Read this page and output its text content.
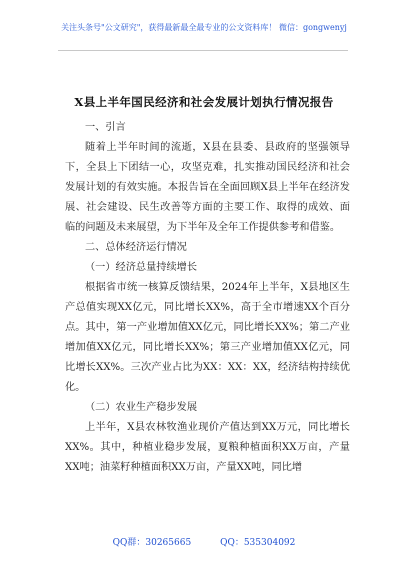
关注头条号"公文研究"，获得最新最全最专业的公文资料库！ 微信：gongwenyj
X县上半年国民经济和社会发展计划执行情况报告

一、引言

随着上半年时间的流逝，X县在县委、县政府的坚强领导下，全县上下团结一心，攻坚克难，扎实推动国民经济和社会发展计划的有效实施。本报告旨在全面回顾X县上半年在经济发展、社会建设、民生改善等方面的主要工作、取得的成效、面临的问题及未来展望，为下半年及全年工作提供参考和借鉴。

二、总体经济运行情况

（一）经济总量持续增长

根据省市统一核算反馈结果，2024年上半年，X县地区生产总值实现XX亿元，同比增长XX%，高于全市增速XX个百分点。其中，第一产业增加值XX亿元，同比增长XX%；第二产业增加值XX亿元，同比增长XX%；第三产业增加值XX亿元，同比增长XX%。三次产业占比为XX：XX：XX，经济结构持续优化。

（二）农业生产稳步发展

上半年，X县农林牧渔业现价产值达到XX万元，同比增长XX%。其中，种植业稳步发展，夏粮种植面积XX万亩，产量XX吨；油菜籽种植面积XX万亩，产量XX吨，同比增

QQ群：30265665	QQ：535304092
